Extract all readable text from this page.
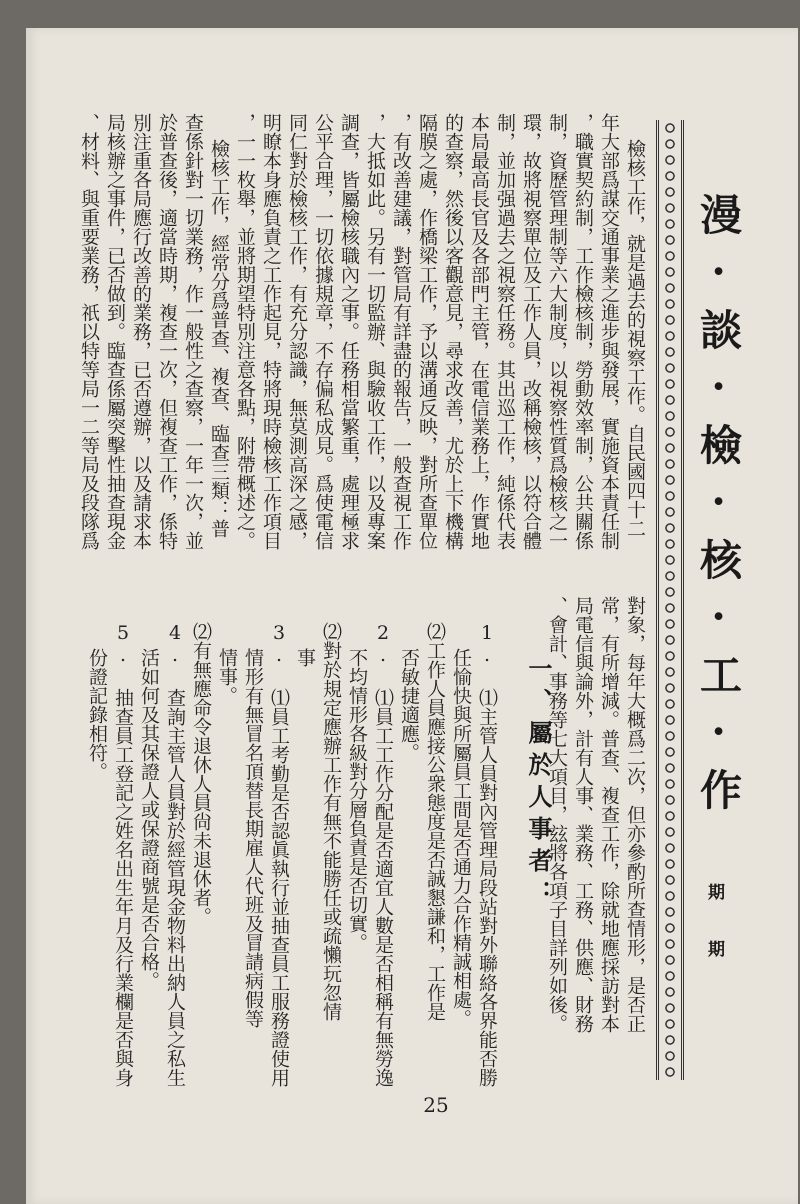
漫·談·檢·核·工·作
期 期
檢核工作，就是過去的視察工作。自民國四十二
年大部爲謀交通事業之進步與發展，實施資本責任制
，職實契約制，工作檢核制，勞動效率制，公共關係
制，資歷管理制等六大制度，以視察性質爲檢核之一
環，故將視察單位及工作人員，改稱檢核，以符合體
制，並加强過去之視察任務。其出巡工作，純係代表
本局最高長官及各部門主管，在電信業務上，作實地
的查察，然後以客觀意見，尋求改善，尤於上下機構
隔膜之處，作橋梁工作，予以溝通反映，對所查單位
，有改善建議，對管局有詳盡的報告，一般查視工作
，大抵如此。另有一切監辦、與驗收工作，以及專案
調查，皆屬檢核職內之事。任務相當繁重，處理極求
公平合理，一切依據規章，不存偏私成見。爲使電信
同仁對於檢核工作，有充分認識，無莫測高深之感，
明瞭本身應負責之工作起見，特將現時檢核工作項目
，一一枚舉，並將期望特別注意各點，附帶概述之。
檢核工作，經常分爲普查、複查、臨查三類：普
查係針對一切業務，作一般性之查察，一年一次，並
於普查後，適當時期，複查一次，但複查工作，係特
別注重各局應行改善的業務，已否遵辦，以及請求本
局核辦之事件，已否做到。臨查係屬突擊性抽查現金
、材料、與重要業務，祇以特等局一二等局及段隊爲
對象，每年大概爲二次，但亦參酌所查情形，是否正
常，有所增減。普查、複查工作，除就地應採訪對本
局電信與論外，計有人事、業務、工務、供應、財務
、會計、事務等七大項目，玆將各項子目詳列如後。
一、屬於人事者：
1. ⑴主管人員對內管理局段站對外聯絡各界能否勝
任愉快與所屬員工間是否通力合作精誠相處。
⑵工作人員應接公衆態度是否誠懇謙和，工作是
否敏捷適應。
2. ⑴員工工作分配是否適宜人數是否相稱有無勞逸
不均情形各級對分層負責是否切實。
⑵對於規定應辦工作有無不能勝任或疏懶玩忽情
事
3. ⑴員工考勤是否認眞執行並抽查員工服務證使用
情形有無冒名頂替長期雇人代班及冒請病假等
情事。
⑵有無應命令退休人員尙未退休者。
4. 查詢主管人員對於經管現金物料出納人員之私生
活如何及其保證人或保證商號是否合格。
5. 抽查員工登記之姓名出生年月及行業欄是否與身
份證記錄相符。
25
